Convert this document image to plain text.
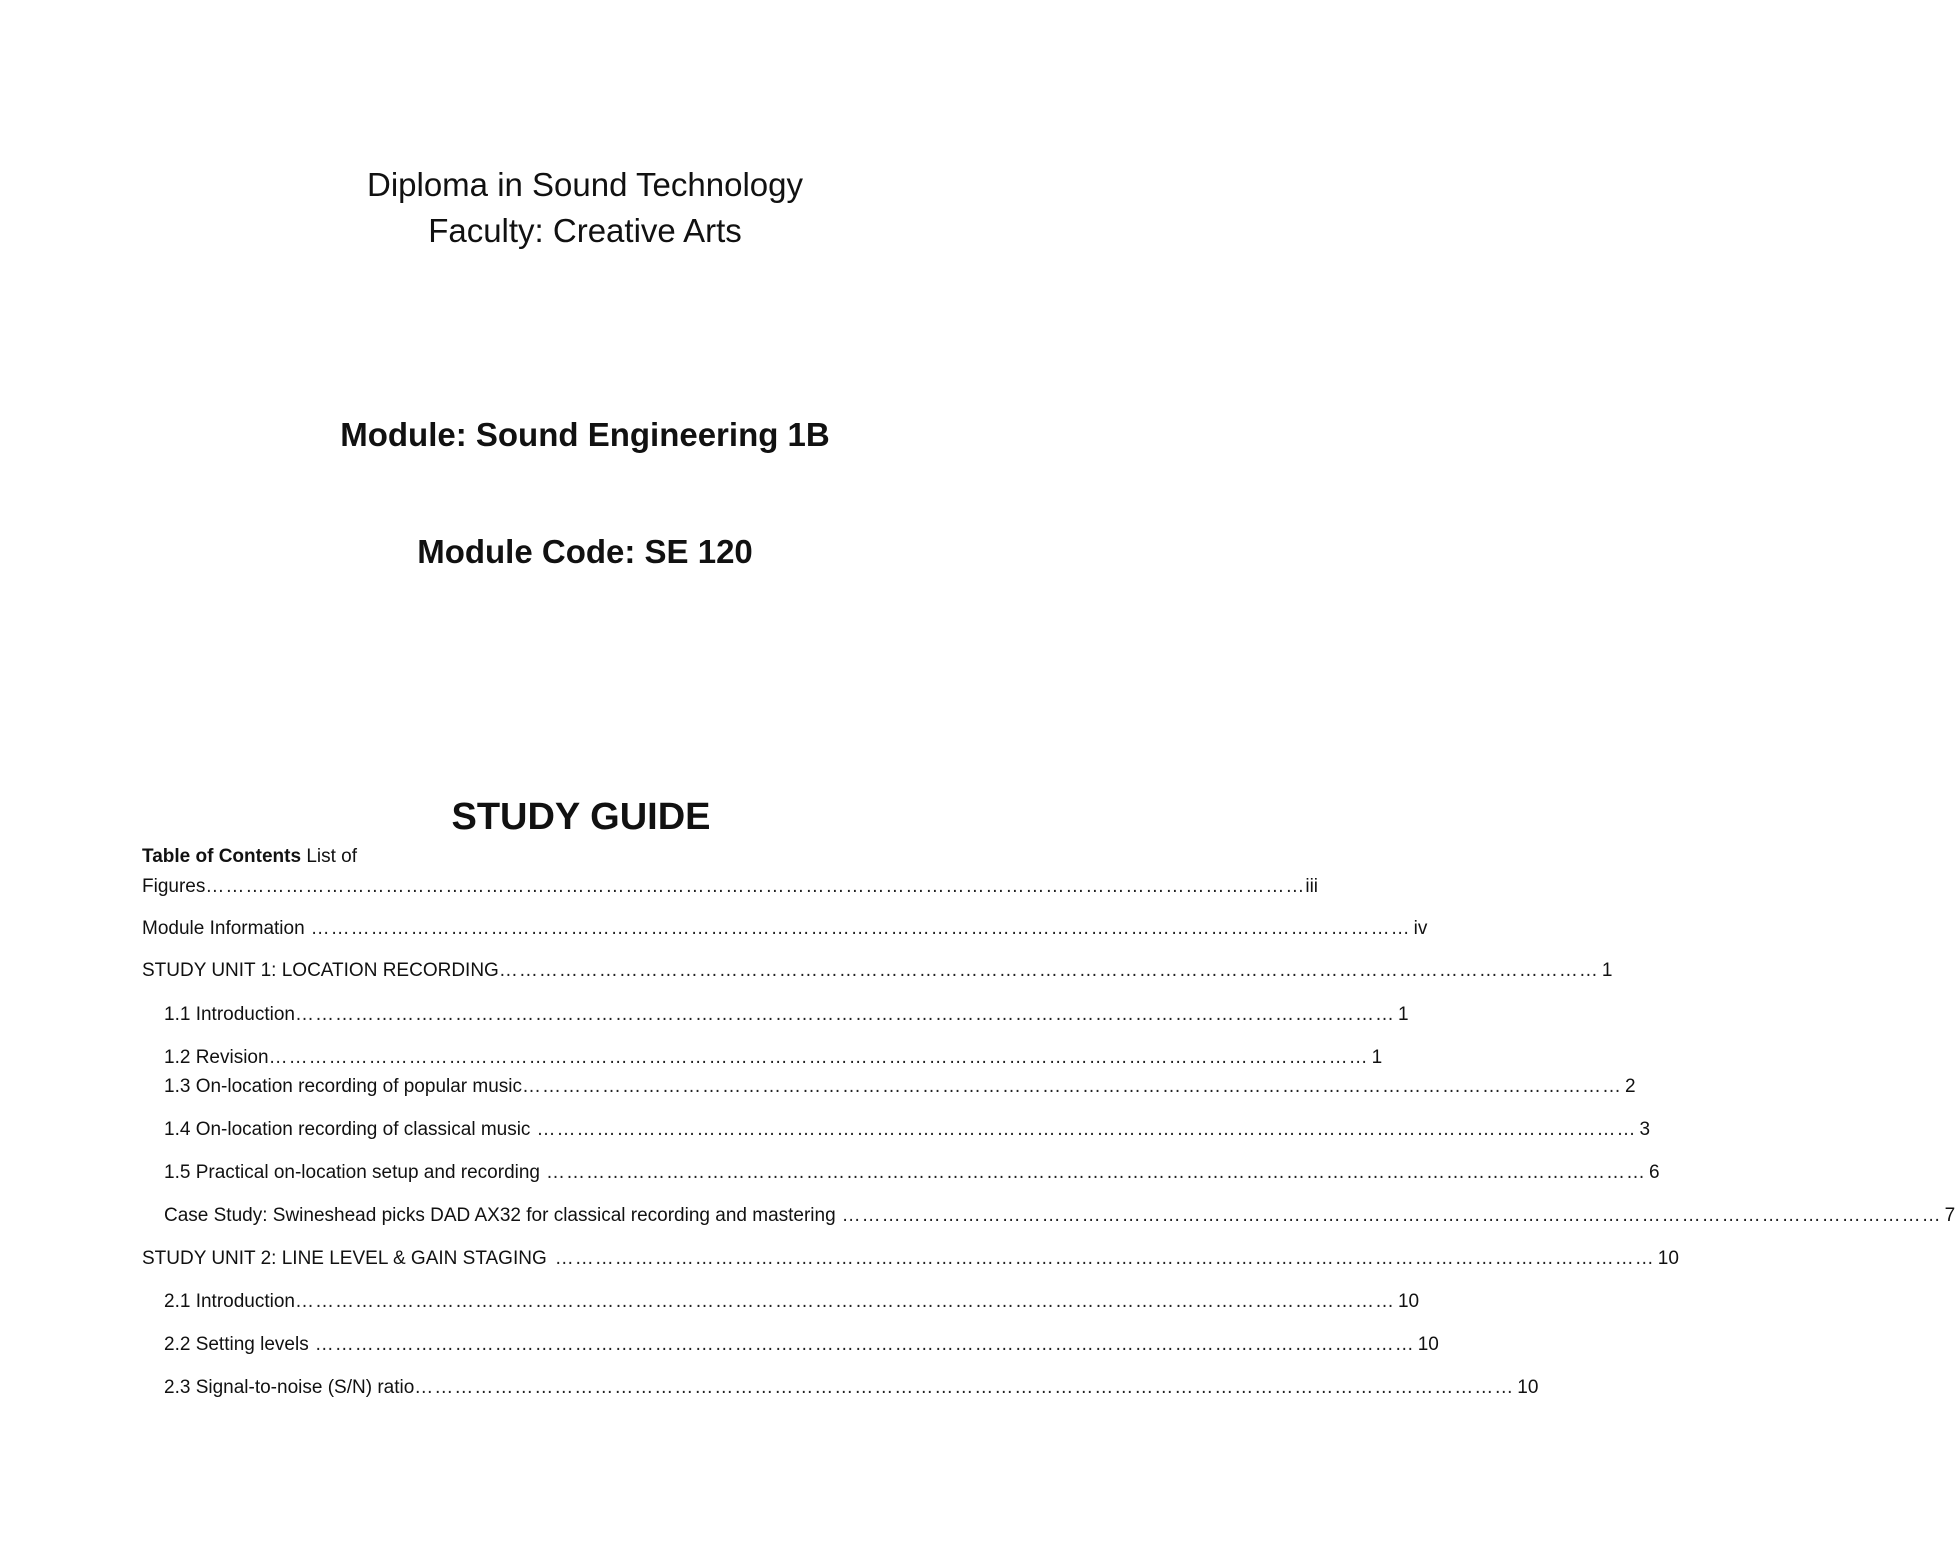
Diploma in Sound Technology
Faculty: Creative Arts
Module: Sound Engineering 1B
Module Code: SE 120
STUDY GUIDE
Table of Contents
List of
Figures ………………………………………………………………………………………………………………………………………………… iii
Module Information ………………………………………………………………………………………………………………………………………………… iv
STUDY UNIT 1: LOCATION RECORDING ………………………………………………………………………………………………………………………………………………… 1
1.1 Introduction ………………………………………………………………………………………………………………………………………………… 1
1.2 Revision ………………………………………………………………………………………………………………………………………………… 1
1.3 On-location recording of popular music ………………………………………………………………………………………………………………………………………………… 2
1.4 On-location recording of classical music ………………………………………………………………………………………………………………………………………………… 3
1.5 Practical on-location setup and recording ………………………………………………………………………………………………………………………………………………… 6
Case Study: Swineshead picks DAD AX32 for classical recording and mastering ………………………………………………………………………………………………………………………………………………… 7
STUDY UNIT 2: LINE LEVEL & GAIN STAGING ………………………………………………………………………………………………………………………………………………… 10
2.1 Introduction ………………………………………………………………………………………………………………………………………………… 10
2.2 Setting levels ………………………………………………………………………………………………………………………………………………… 10
2.3 Signal-to-noise (S/N) ratio ………………………………………………………………………………………………………………………………………………… 10
